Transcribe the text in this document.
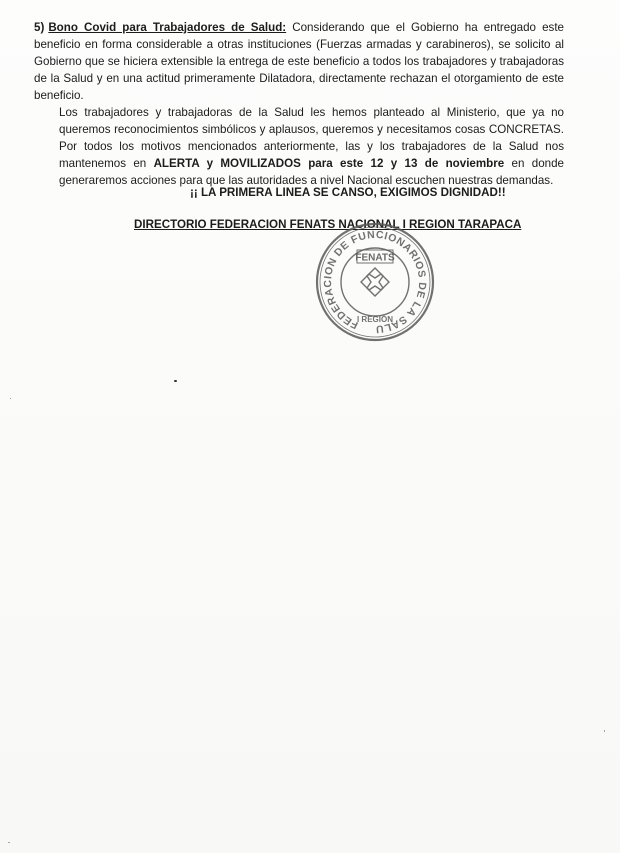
5) Bono Covid para Trabajadores de Salud: Considerando que el Gobierno ha entregado este beneficio en forma considerable a otras instituciones (Fuerzas armadas y carabineros), se solicito al Gobierno que se hiciera extensible la entrega de este beneficio a todos los trabajadores y trabajadoras de la Salud y en una actitud primeramente Dilatadora, directamente rechazan el otorgamiento de este beneficio.

Los trabajadores y trabajadoras de la Salud les hemos planteado al Ministerio, que ya no queremos reconocimientos simbólicos y aplausos, queremos y necesitamos cosas CONCRETAS. Por todos los motivos mencionados anteriormente, las y los trabajadores de la Salud nos mantenemos en ALERTA y MOVILIZADOS para este 12 y 13 de noviembre en donde generaremos acciones para que las autoridades a nivel Nacional escuchen nuestras demandas.

¡¡ LA PRIMERA LINEA SE CANSO, EXIGIMOS DIGNIDAD!!
DIRECTORIO FEDERACION FENATS NACIONAL I REGION TARAPACA
FEDERACION DE FUNCIONARIOS DE LA SALU
FENATS
I REGIÓN
